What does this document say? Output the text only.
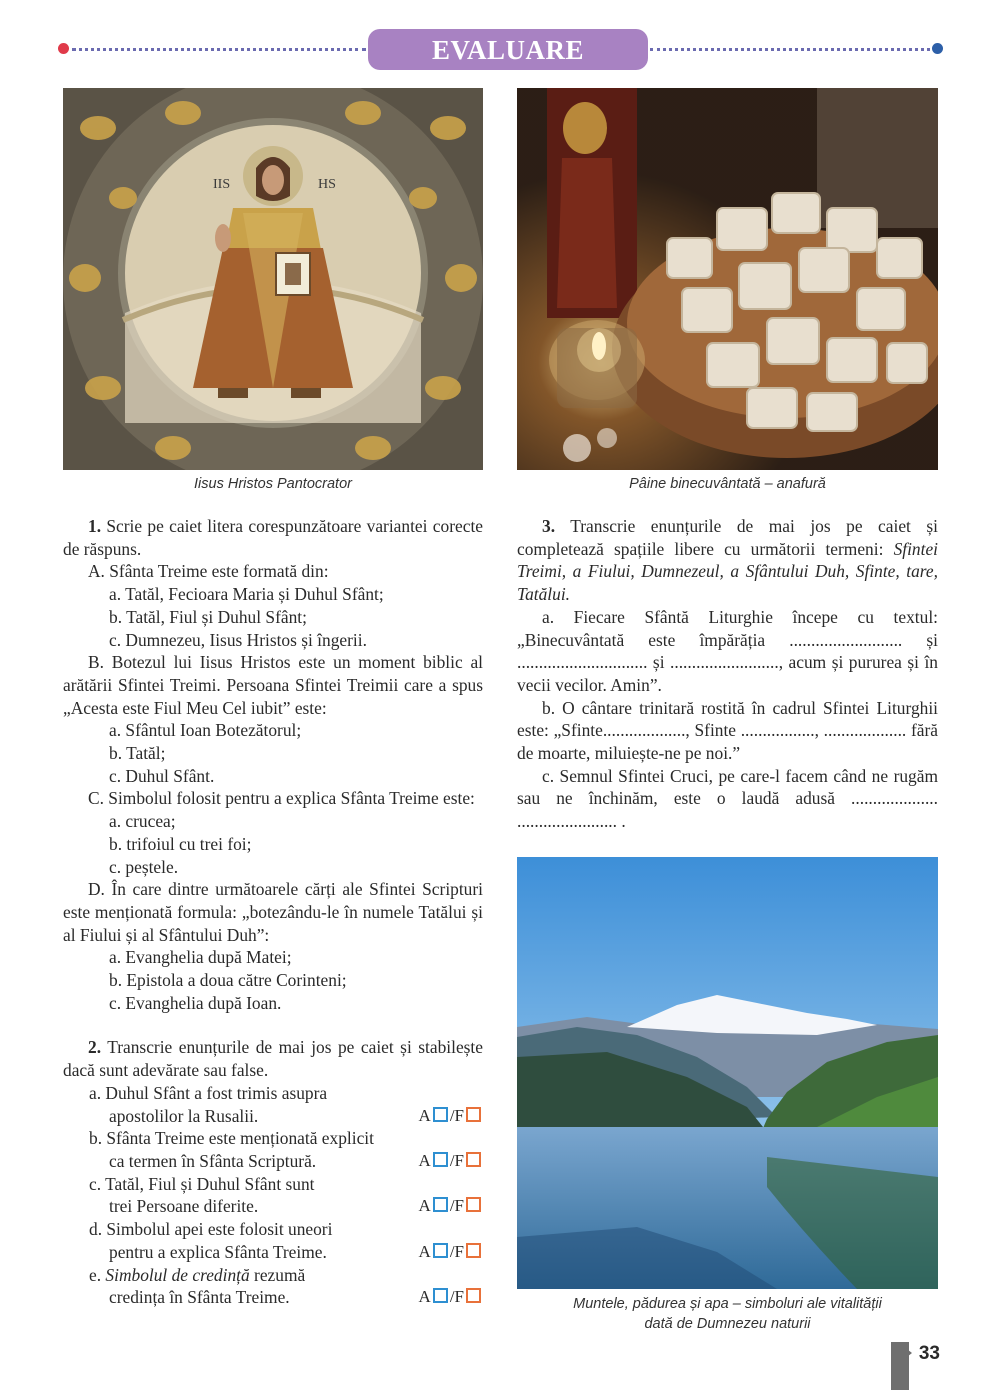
EVALUARE
IIS	HS
Iisus Hristos Pantocrator	Pâine binecuvântată – anafură

1. Scrie pe caiet litera corespunzătoare variantei corecte de răspuns.

A. Sfânta Treime este formată din:

a. Tatăl, Fecioara Maria și Duhul Sfânt;

b. Tatăl, Fiul și Duhul Sfânt;

c. Dumnezeu, Iisus Hristos și îngerii.

B. Botezul lui Iisus Hristos este un moment biblic al arătării Sfintei Treimi. Persoana Sfintei Treimii care a spus „Acesta este Fiul Meu Cel iubit” este:

a. Sfântul Ioan Botezătorul;

b. Tatăl;

c. Duhul Sfânt.

C. Simbolul folosit pentru a explica Sfânta Treime este:

a. crucea;

b. trifoiul cu trei foi;

c. peștele.

D. În care dintre următoarele cărți ale Sfintei Scripturi este menționată formula: „botezându-le în numele Tatălui și al Fiului și al Sfântului Duh”:

a. Evanghelia după Matei;

b. Epistola a doua către Corinteni;

c. Evanghelia după Ioan.

2. Transcrie enunțurile de mai jos pe caiet și stabilește dacă sunt adevărate sau false.

a. Duhul Sfânt a fost trimis asupra
apostolilor la Rusalii.	A /F
b. Sfânta Treime este menționată explicit
ca termen în Sfânta Scriptură.	A /F
c. Tatăl, Fiul și Duhul Sfânt sunt
trei Persoane diferite.	A /F
d. Simbolul apei este folosit uneori
pentru a explica Sfânta Treime.	A /F
e. Simbolul de credință rezumă
credința în Sfânta Treime.	A /F

3. Transcrie enunțurile de mai jos pe caiet și completează spațiile libere cu următorii termeni: Sfintei Treimi, a Fiului, Dumnezeul, a Sfântului Duh, Sfinte, tare, Tatălui.

a. Fiecare Sfântă Liturghie începe cu textul: „Binecuvântată este împărăția .......................... și .............................. și ........................., acum și pururea și în vecii vecilor. Amin”.

b. O cântare trinitară rostită în cadrul Sfintei Liturghii este: „Sfinte..................., Sfinte ................., ................... fără de moarte, miluiește-ne pe noi.”

c. Semnul Sfintei Cruci, pe care-l facem când ne rugăm sau ne închinăm, este o laudă adusă .................... ....................... .

Muntele, pădurea și apa – simboluri ale vitalității
dată de Dumnezeu naturii
33
